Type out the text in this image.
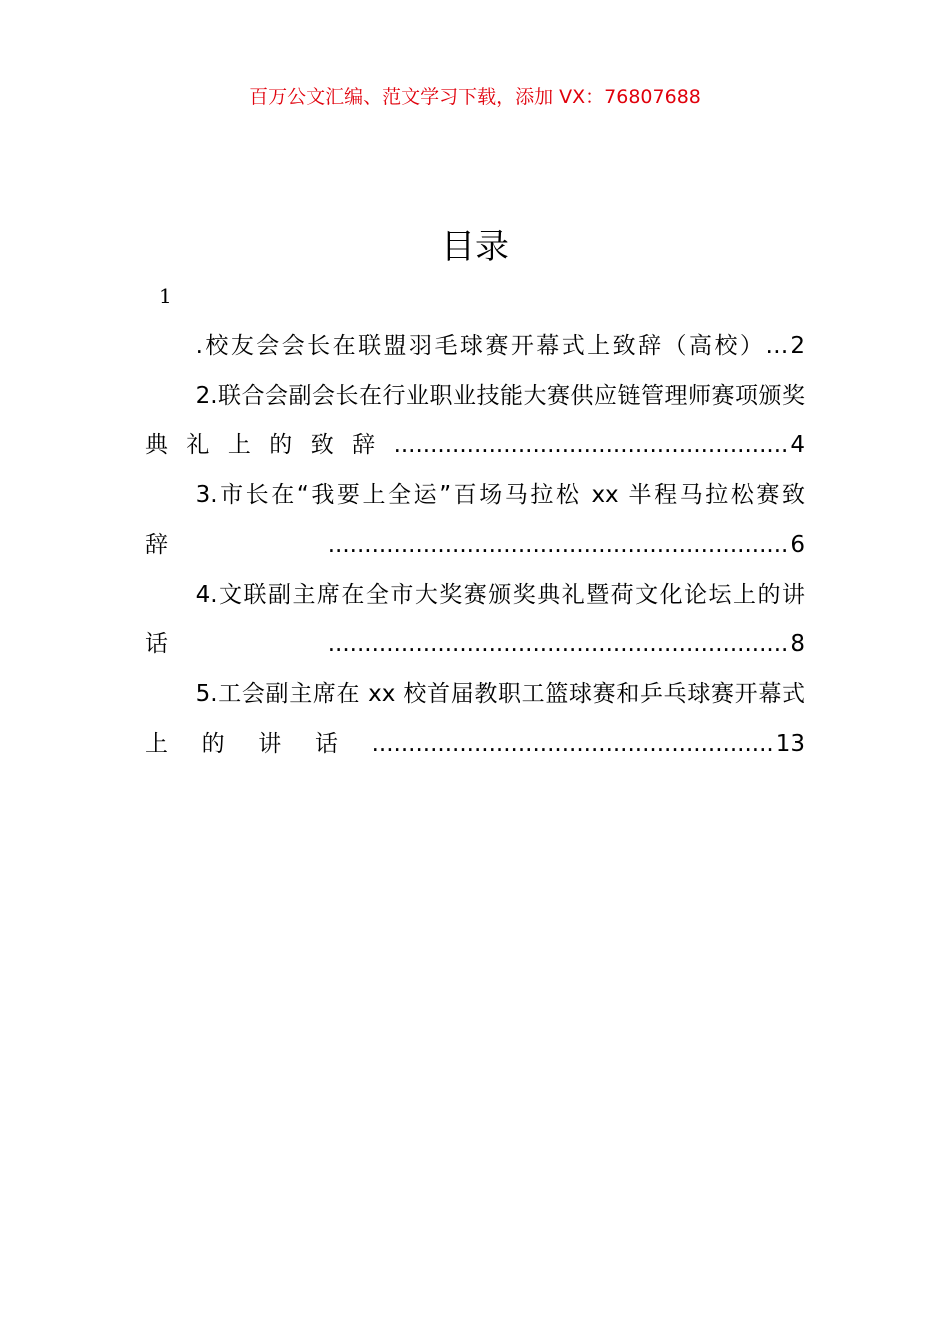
百万公文汇编、范文学习下载，添加 VX：76807688
目录
1

.校友会会长在联盟羽毛球赛开幕式上致辞（高校）…2

2.联合会副会长在行业职业技能大赛供应链管理师赛项颁奖典礼上的致辞......................................................4

3.市长在“我要上全运”百场马拉松 xx 半程马拉松赛致辞...............................................................6

4.文联副主席在全市大奖赛颁奖典礼暨荷文化论坛上的讲话...............................................................8

5.工会副主席在 xx 校首届教职工篮球赛和乒乓球赛开幕式上的讲话.......................................................13
